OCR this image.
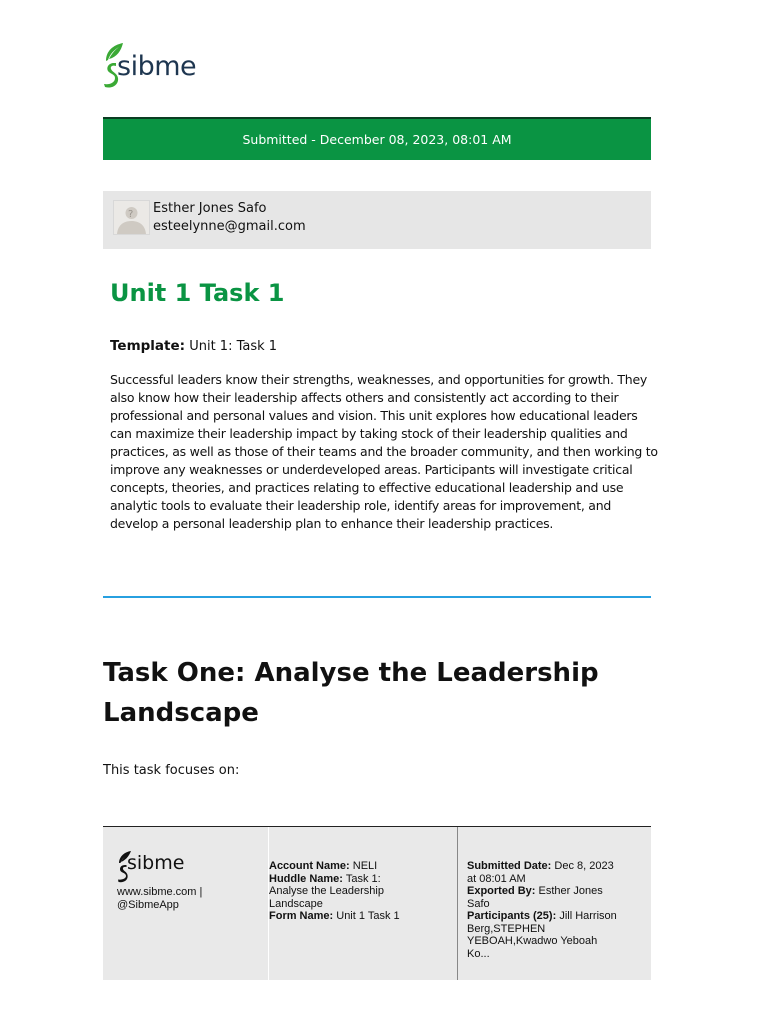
sibme
Submitted - December 08, 2023, 08:01 AM
? Esther Jones Safo
esteelynne@gmail.com
Unit 1 Task 1
Template: Unit 1: Task 1

Successful leaders know their strengths, weaknesses, and opportunities for growth. They also know how their leadership affects others and consistently act according to their professional and personal values and vision. This unit explores how educational leaders can maximize their leadership impact by taking stock of their leadership qualities and practices, as well as those of their teams and the broader community, and then working to improve any weaknesses or underdeveloped areas. Participants will investigate critical concepts, theories, and practices relating to effective educational leadership and use analytic tools to evaluate their leadership role, identify areas for improvement, and develop a personal leadership plan to enhance their leadership practices.

Task One: Analyse the Leadership Landscape
This task focuses on:
sibme
www.sibme.com | @SibmeApp
Account Name: NELI
Huddle Name: Task 1: Analyse the Leadership Landscape
Form Name: Unit 1 Task 1
Submitted Date: Dec 8, 2023 at 08:01 AM
Exported By: Esther Jones Safo
Participants (25): Jill Harrison Berg,STEPHEN YEBOAH,Kwadwo Yeboah Ko...
